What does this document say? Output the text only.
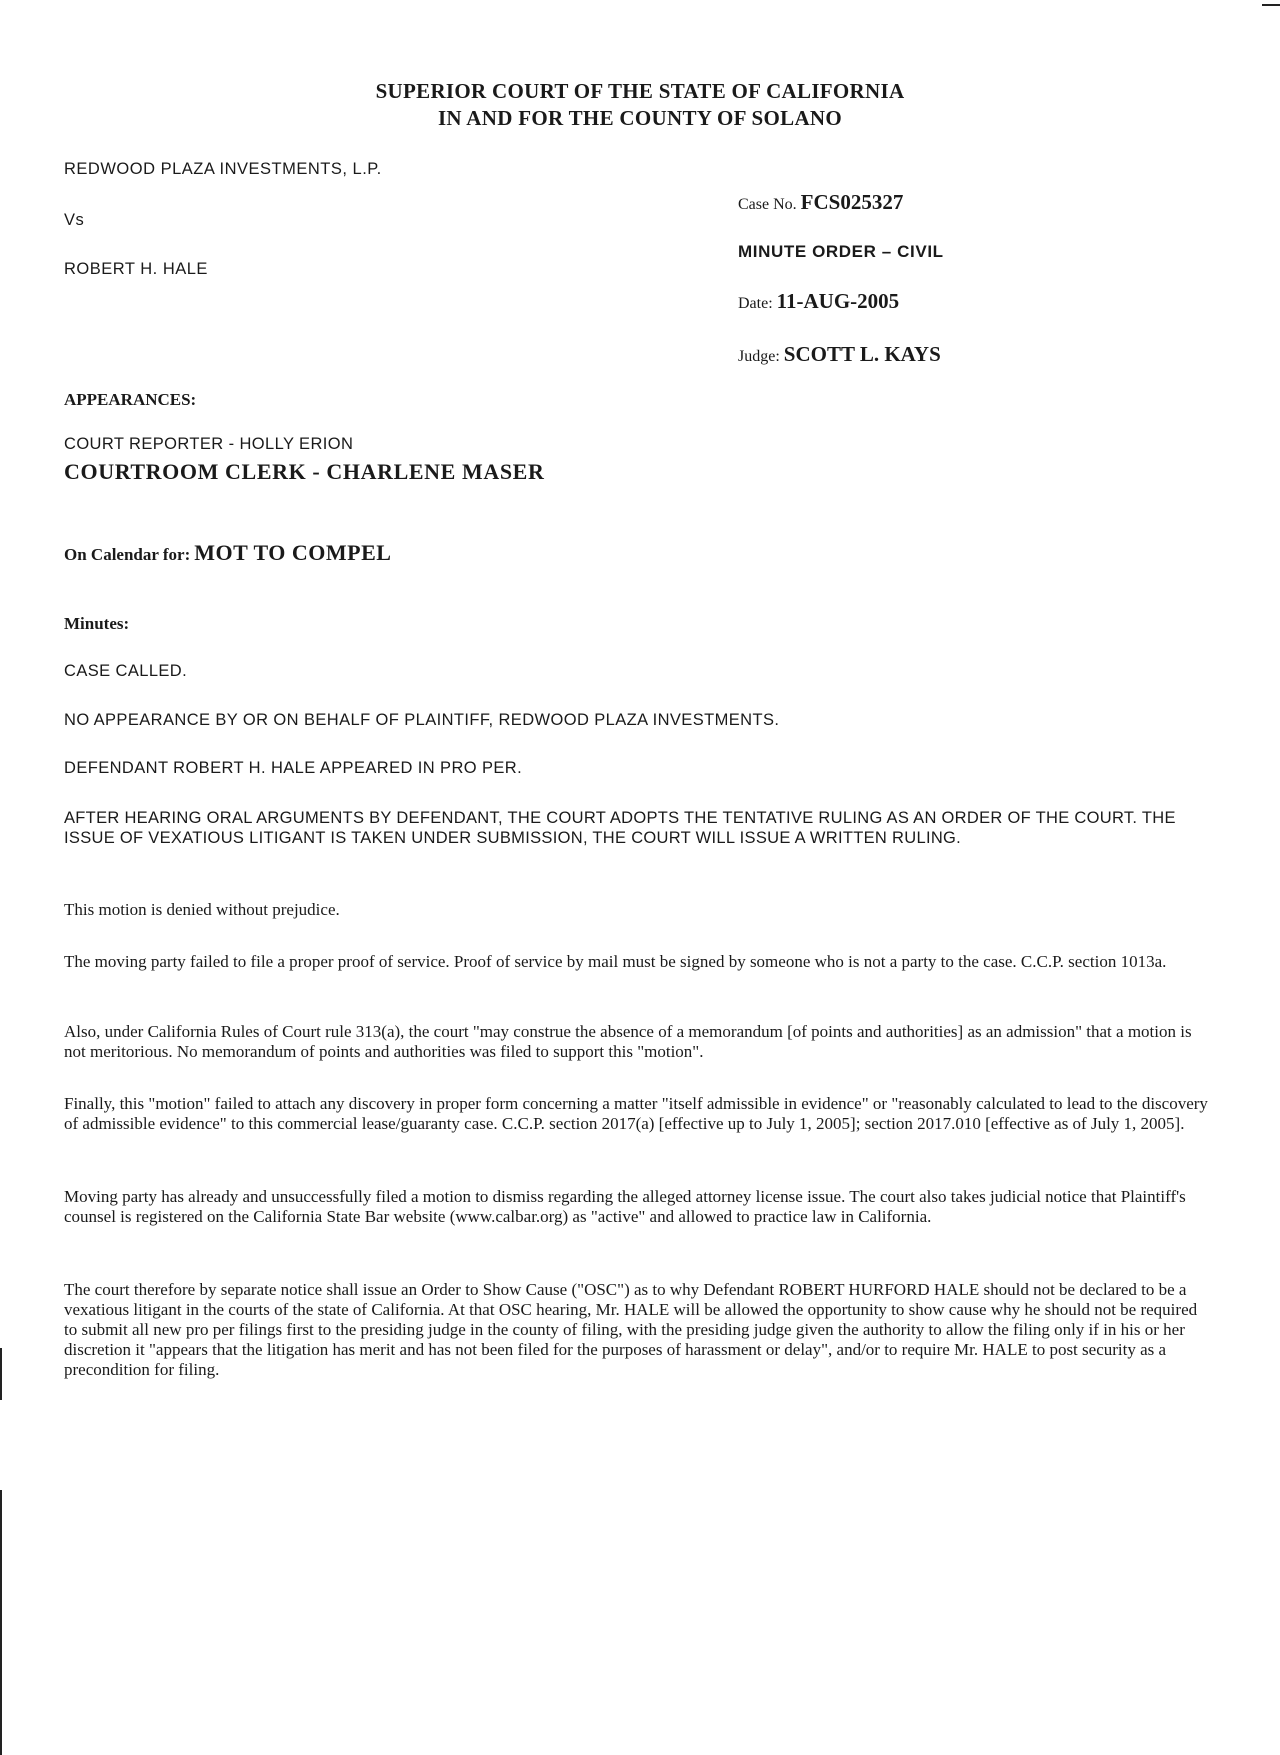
SUPERIOR COURT OF THE STATE OF CALIFORNIA
IN AND FOR THE COUNTY OF SOLANO
REDWOOD PLAZA INVESTMENTS, L.P.
Vs
ROBERT H. HALE
Case No. FCS025327
MINUTE ORDER – CIVIL
Date: 11-AUG-2005
Judge: SCOTT L. KAYS
APPEARANCES:
COURT REPORTER - HOLLY ERION
COURTROOM CLERK - CHARLENE MASER
On Calendar for: MOT TO COMPEL
Minutes:
CASE CALLED.
NO APPEARANCE BY OR ON BEHALF OF PLAINTIFF, REDWOOD PLAZA INVESTMENTS.
DEFENDANT ROBERT H. HALE APPEARED IN PRO PER.
AFTER HEARING ORAL ARGUMENTS BY DEFENDANT, THE COURT ADOPTS THE TENTATIVE RULING AS AN ORDER OF THE COURT. THE ISSUE OF VEXATIOUS LITIGANT IS TAKEN UNDER SUBMISSION, THE COURT WILL ISSUE A WRITTEN RULING.
This motion is denied without prejudice.
The moving party failed to file a proper proof of service. Proof of service by mail must be signed by someone who is not a party to the case. C.C.P. section 1013a.
Also, under California Rules of Court rule 313(a), the court "may construe the absence of a memorandum [of points and authorities] as an admission" that a motion is not meritorious. No memorandum of points and authorities was filed to support this "motion".
Finally, this "motion" failed to attach any discovery in proper form concerning a matter "itself admissible in evidence" or "reasonably calculated to lead to the discovery of admissible evidence" to this commercial lease/guaranty case. C.C.P. section 2017(a) [effective up to July 1, 2005]; section 2017.010 [effective as of July 1, 2005].
Moving party has already and unsuccessfully filed a motion to dismiss regarding the alleged attorney license issue. The court also takes judicial notice that Plaintiff's counsel is registered on the California State Bar website (www.calbar.org) as "active" and allowed to practice law in California.
The court therefore by separate notice shall issue an Order to Show Cause ("OSC") as to why Defendant ROBERT HURFORD HALE should not be declared to be a vexatious litigant in the courts of the state of California. At that OSC hearing, Mr. HALE will be allowed the opportunity to show cause why he should not be required to submit all new pro per filings first to the presiding judge in the county of filing, with the presiding judge given the authority to allow the filing only if in his or her discretion it "appears that the litigation has merit and has not been filed for the purposes of harassment or delay", and/or to require Mr. HALE to post security as a precondition for filing.
